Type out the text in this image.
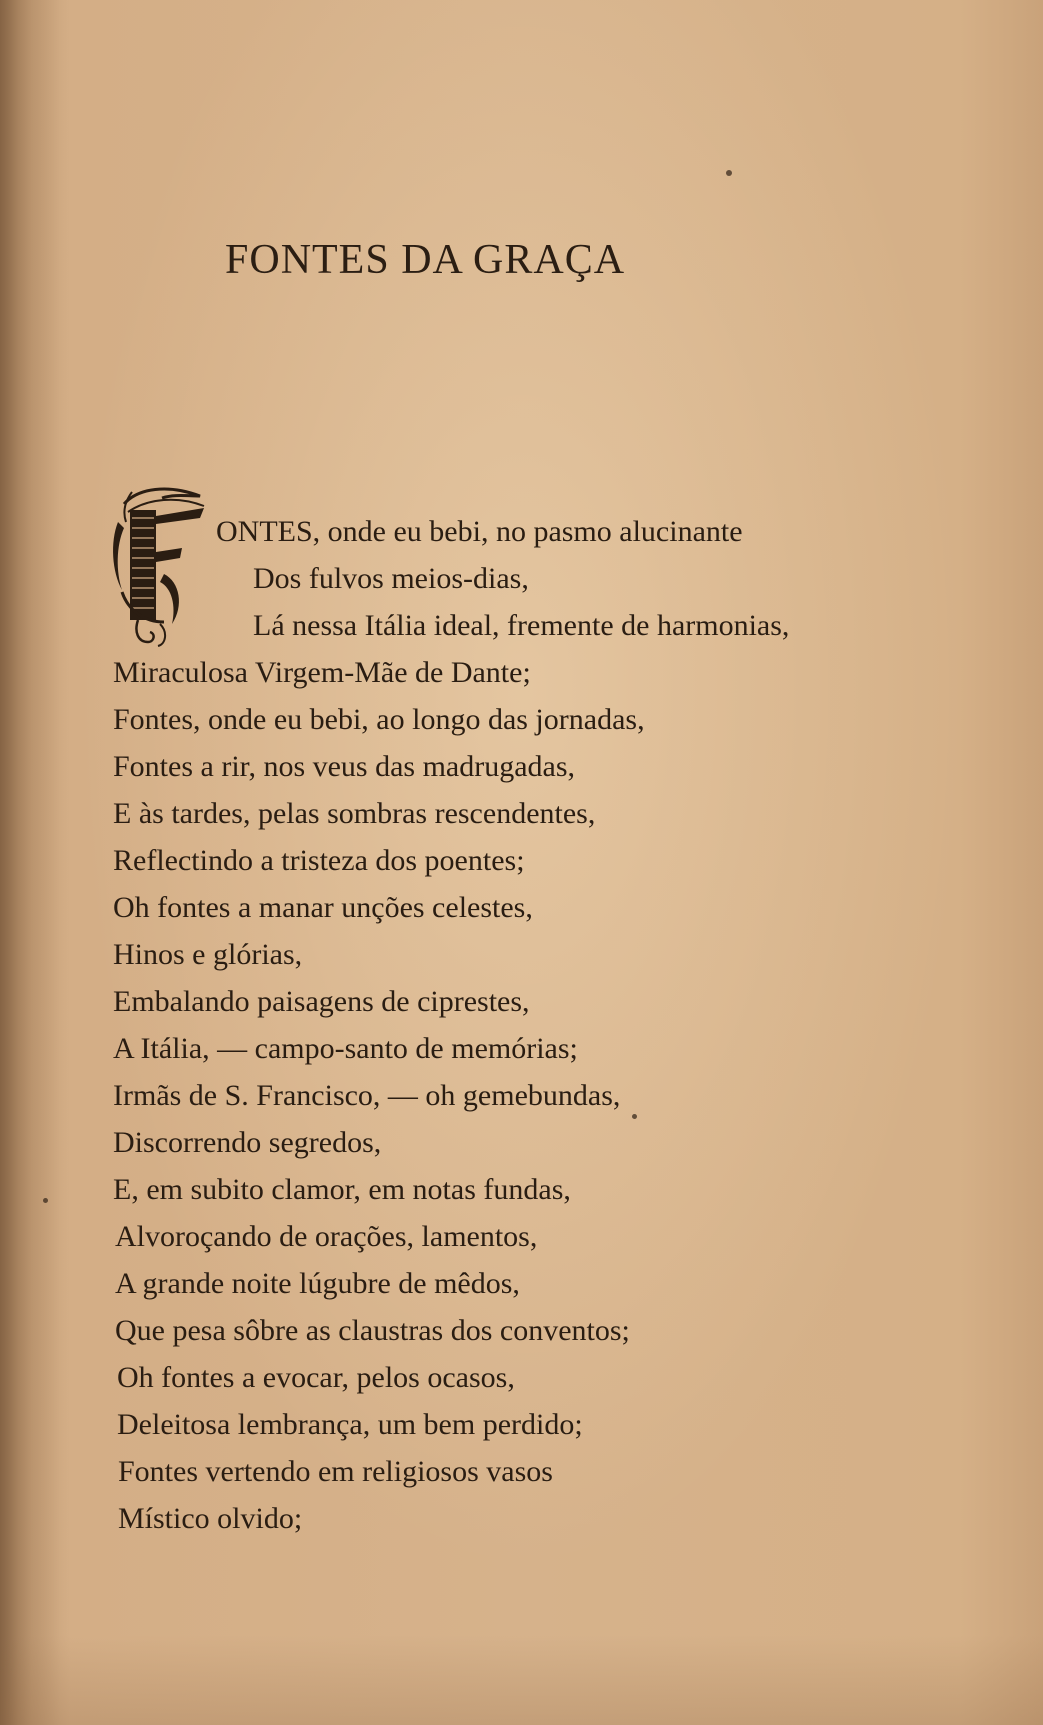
FONTES DA GRAÇA
ONTES, onde eu bebi, no pasmo alucinante
Dos fulvos meios-dias,
Lá nessa Itália ideal, fremente de harmonias,
Miraculosa Virgem-Mãe de Dante;
Fontes, onde eu bebi, ao longo das jornadas,
Fontes a rir, nos veus das madrugadas,
E às tardes, pelas sombras rescendentes,
Reflectindo a tristeza dos poentes;
Oh fontes a manar unções celestes,
Hinos e glórias,
Embalando paisagens de ciprestes,
A Itália, — campo-santo de memórias;
Irmãs de S. Francisco, — oh gemebundas,
Discorrendo segredos,
E, em subito clamor, em notas fundas,
Alvoroçando de orações, lamentos,
A grande noite lúgubre de mêdos,
Que pesa sôbre as claustras dos conventos;
Oh fontes a evocar, pelos ocasos,
Deleitosa lembrança, um bem perdido;
Fontes vertendo em religiosos vasos
Místico olvido;
